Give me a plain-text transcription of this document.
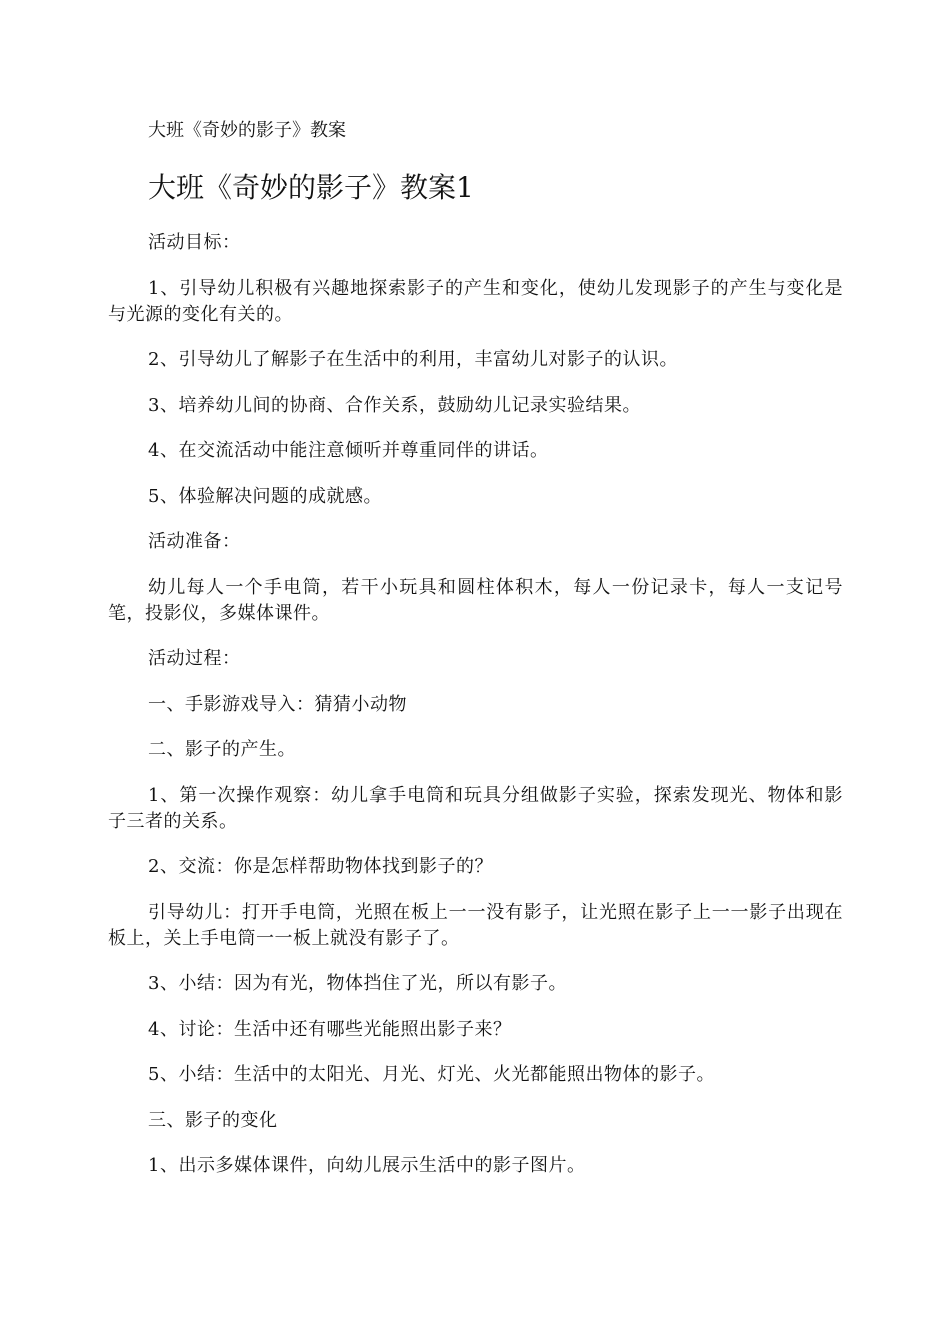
大班《奇妙的影子》教案

大班《奇妙的影子》教案1

活动目标：

1、引导幼儿积极有兴趣地探索影子的产生和变化，使幼儿发现影子的产生与变化是与光源的变化有关的。

2、引导幼儿了解影子在生活中的利用，丰富幼儿对影子的认识。

3、培养幼儿间的协商、合作关系，鼓励幼儿记录实验结果。

4、在交流活动中能注意倾听并尊重同伴的讲话。

5、体验解决问题的成就感。

活动准备：

幼儿每人一个手电筒，若干小玩具和圆柱体积木，每人一份记录卡，每人一支记号笔，投影仪，多媒体课件。

活动过程：

一、手影游戏导入：猜猜小动物

二、影子的产生。

1、第一次操作观察：幼儿拿手电筒和玩具分组做影子实验，探索发现光、物体和影子三者的关系。

2、交流：你是怎样帮助物体找到影子的？

引导幼儿：打开手电筒，光照在板上一一没有影子，让光照在影子上一一影子出现在板上，关上手电筒一一板上就没有影子了。

3、小结：因为有光，物体挡住了光，所以有影子。

4、讨论：生活中还有哪些光能照出影子来？

5、小结：生活中的太阳光、月光、灯光、火光都能照出物体的影子。

三、影子的变化

1、出示多媒体课件，向幼儿展示生活中的影子图片。
